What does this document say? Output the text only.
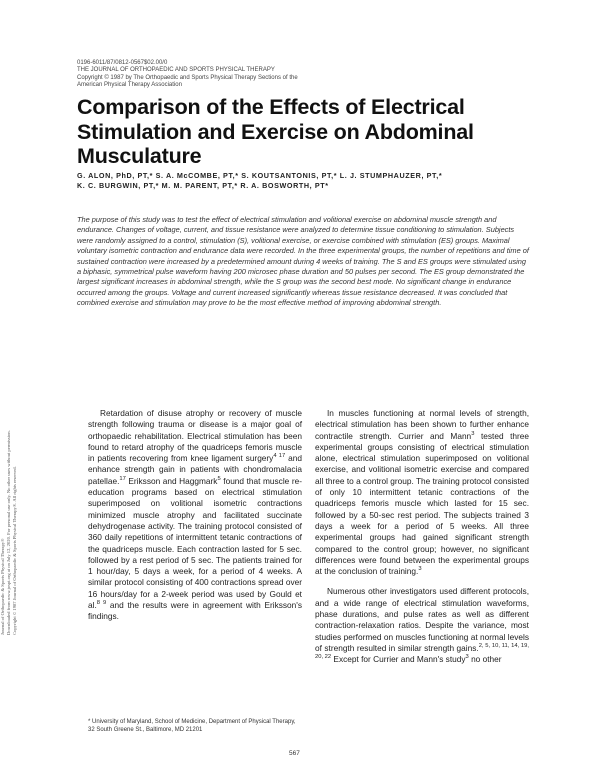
Journal of Orthopaedic & Sports Physical Therapy® Downloaded from www.jospt.org at on July 12, 2020. For personal use only. No other uses without permission. Copyright © 1987 Journal of Orthopaedic & Sports Physical Therapy®. All rights reserved.
0196-6011/87/0812-0567$02.00/0
THE JOURNAL OF ORTHOPAEDIC AND SPORTS PHYSICAL THERAPY
Copyright © 1987 by The Orthopaedic and Sports Physical Therapy Sections of the
American Physical Therapy Association
Comparison of the Effects of Electrical Stimulation and Exercise on Abdominal Musculature
G. ALON, PhD, PT,* S. A. McCOMBE, PT,* S. KOUTSANTONIS, PT,* L. J. STUMPHAUZER, PT,*
K. C. BURGWIN, PT,* M. M. PARENT, PT,* R. A. BOSWORTH, PT*

The purpose of this study was to test the effect of electrical stimulation and volitional exercise on abdominal muscle strength and endurance. Changes of voltage, current, and tissue resistance were analyzed to determine tissue conditioning to stimulation. Subjects were randomly assigned to a control, stimulation (S), volitional exercise, or exercise combined with stimulation (ES) groups. Maximal voluntary isometric contraction and endurance data were recorded. In the three experimental groups, the number of repetitions and time of sustained contraction were increased by a predetermined amount during 4 weeks of training. The S and ES groups were stimulated using a biphasic, symmetrical pulse waveform having 200 microsec phase duration and 50 pulses per second. The ES group demonstrated the largest significant increases in abdominal strength, while the S group was the second best mode. No significant change in endurance occurred among the groups. Voltage and current increased significantly whereas tissue resistance decreased. It was concluded that combined exercise and stimulation may prove to be the most effective method of improving abdominal strength.

Retardation of disuse atrophy or recovery of muscle strength following trauma or disease is a major goal of orthopaedic rehabilitation. Electrical stimulation has been found to retard atrophy of the quadriceps femoris muscle in patients recovering from knee ligament surgery$^{4 17}$ and enhance strength gain in patients with chondromalacia patellae.$^{17}$ Eriksson and Haggmark$^5$ found that muscle re-education programs based on electrical stimulation superimposed on volitional isometric contractions minimized muscle atrophy and facilitated succinate dehydrogenase activity. The training protocol consisted of 360 daily repetitions of intermittent tetanic contractions of the quadriceps muscle. Each contraction lasted for 5 sec. followed by a rest period of 5 sec. The patients trained for 1 hour/day, 5 days a week, for a period of 4 weeks. A similar protocol consisting of 400 contractions spread over 16 hours/day for a 2-week period was used by Gould et al.$^{8 9}$ and the results were in agreement with Eriksson's findings.

In muscles functioning at normal levels of strength, electrical stimulation has been shown to further enhance contractile strength. Currier and Mann$^3$ tested three experimental groups consisting of electrical stimulation alone, electrical stimulation superimposed on volitional exercise, and volitional isometric exercise and compared all three to a control group. The training protocol consisted of only 10 intermittent tetanic contractions of the quadriceps femoris muscle which lasted for 15 sec. followed by a 50-sec rest period. The subjects trained 3 days a week for a period of 5 weeks. All three experimental groups had gained significant strength compared to the control group; however, no significant differences were found between the experimental groups at the conclusion of training.$^3$

Numerous other investigators used different protocols, and a wide range of electrical stimulation waveforms, phase durations, and pulse rates as well as different contraction-relaxation ratios. Despite the variance, most studies performed on muscles functioning at normal levels of strength resulted in similar strength gains.$^{2, 5, 10, 11, 14, 19, 20, 22}$ Except for Currier and Mann's study$^3$ no other

* University of Maryland, School of Medicine, Department of Physical Therapy, 32 South Greene St., Baltimore, MD 21201
567
